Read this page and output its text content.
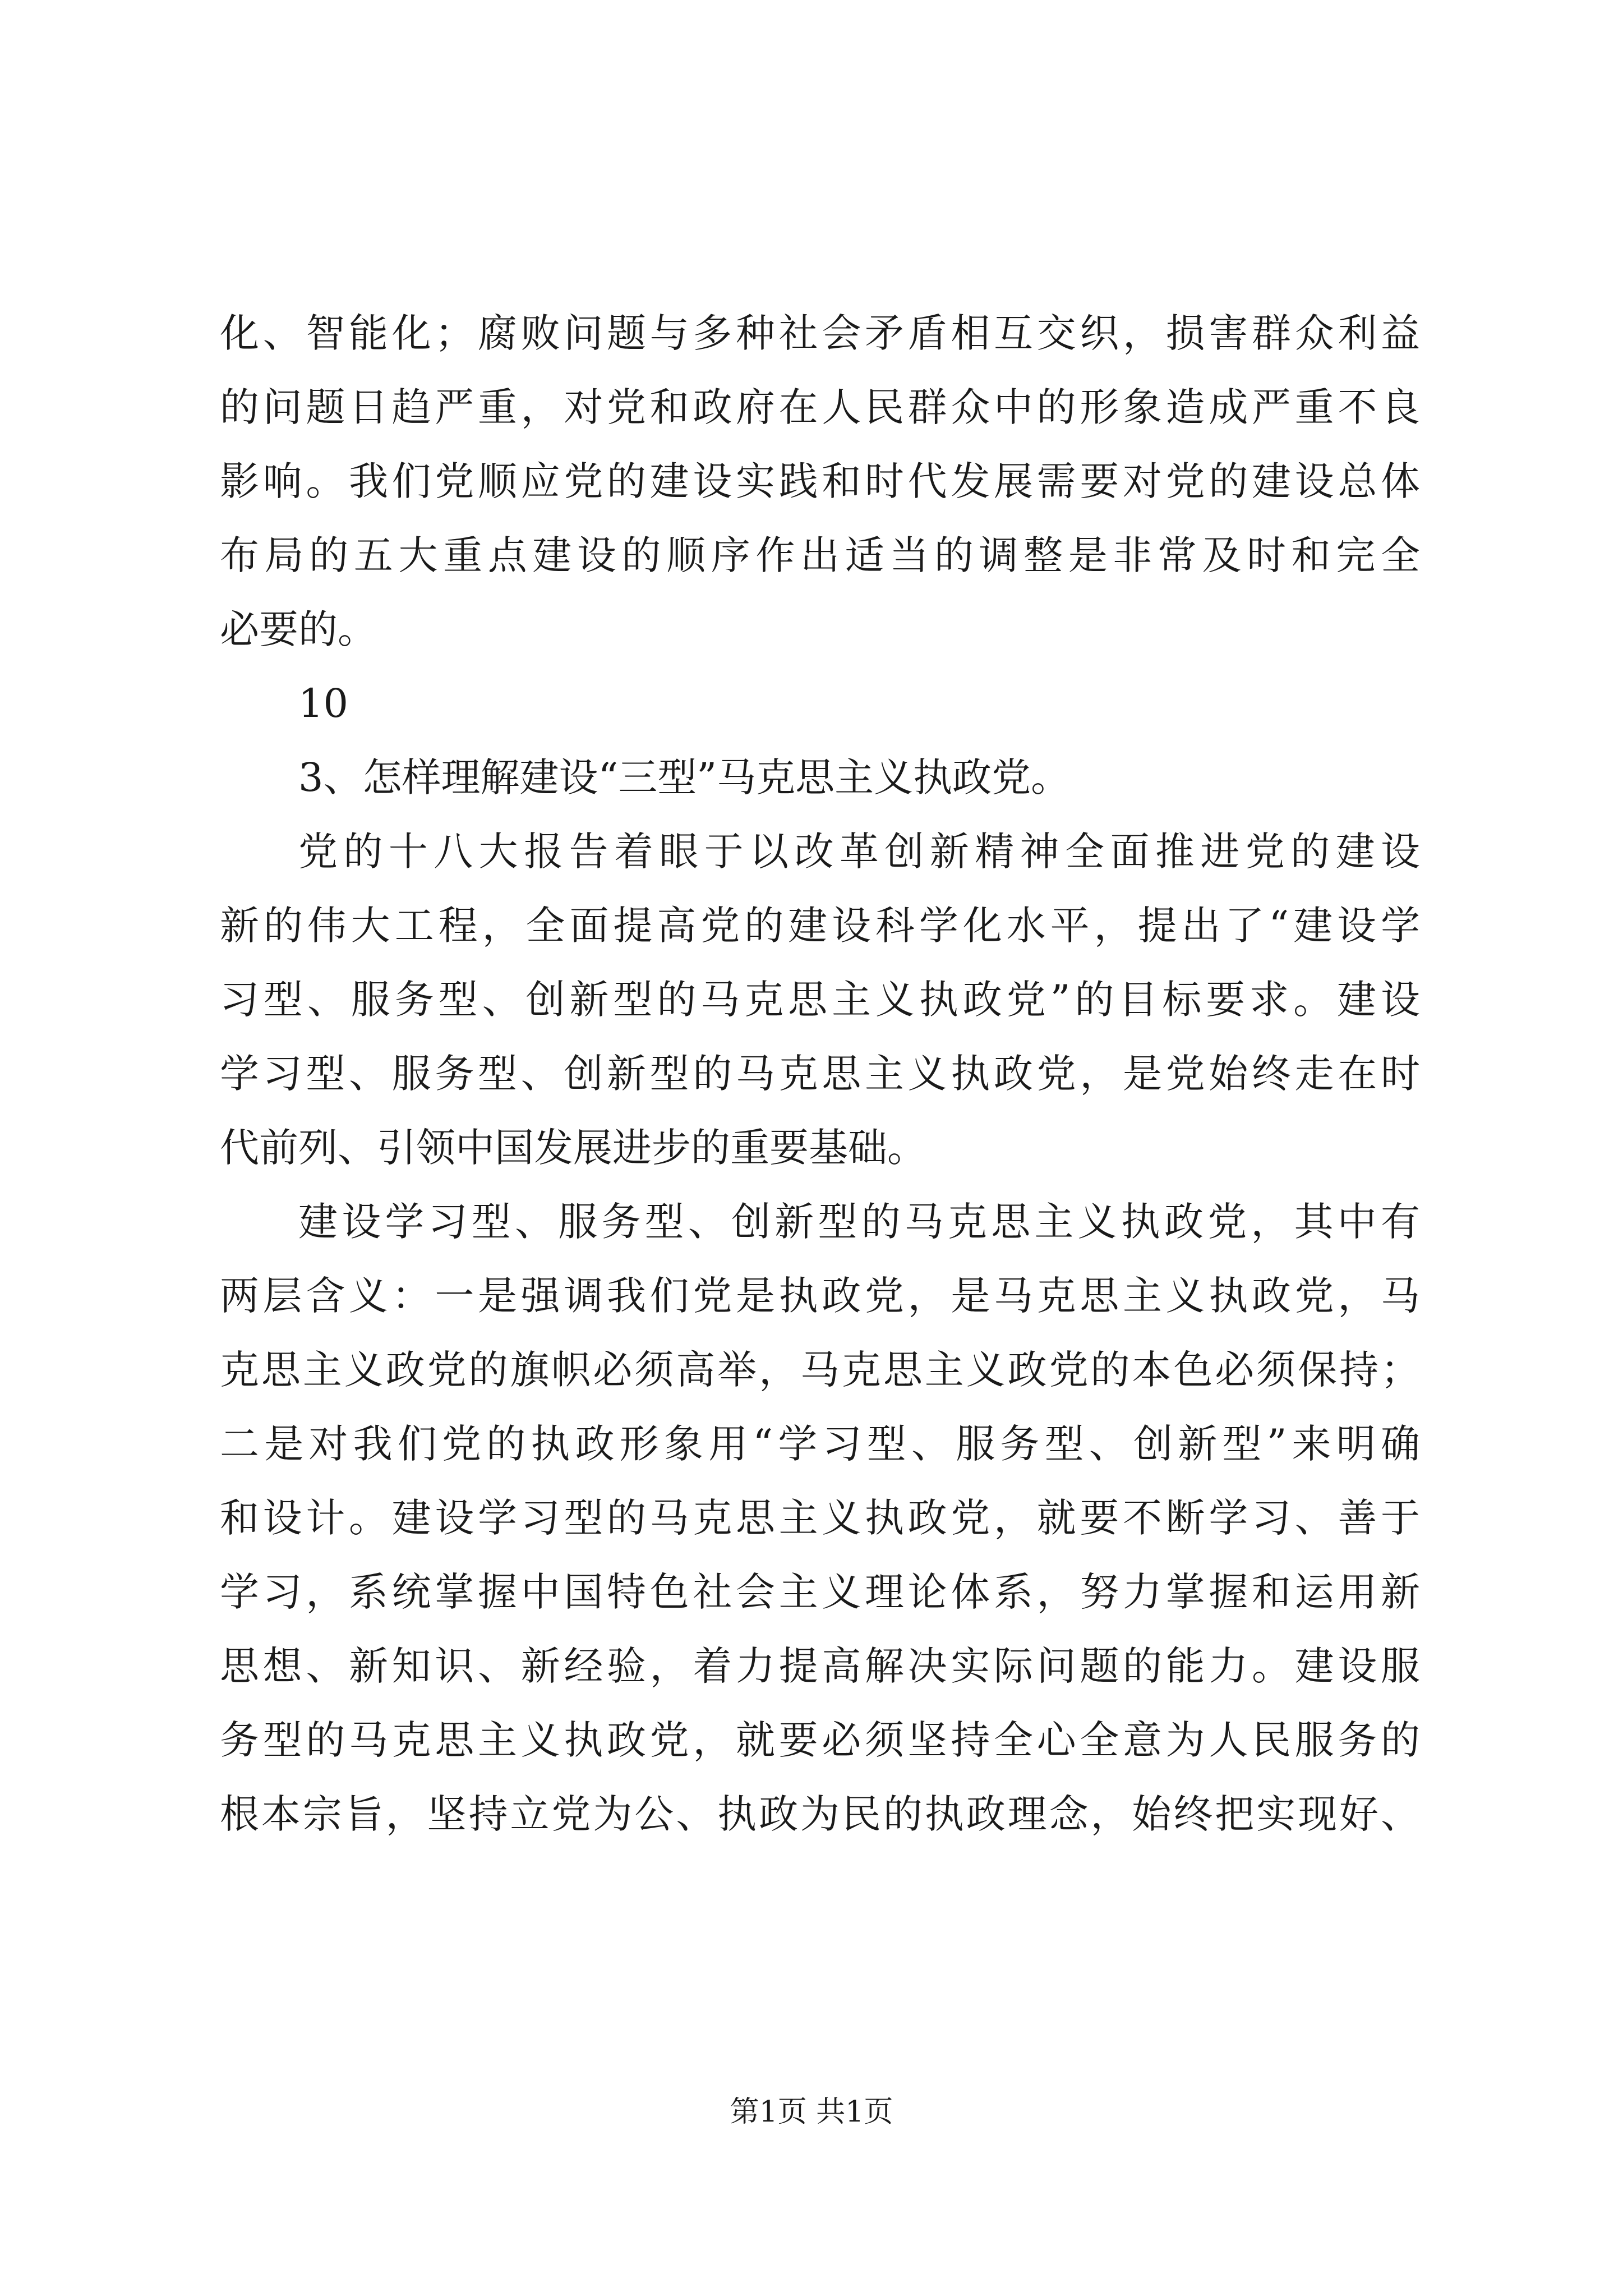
化、智能化；腐败问题与多种社会矛盾相互交织，损害群众利益
的问题日趋严重，对党和政府在人民群众中的形象造成严重不良
影响。我们党顺应党的建设实践和时代发展需要对党的建设总体
布局的五大重点建设的顺序作出适当的调整是非常及时和完全
必要的。
10
3、怎样理解建设“三型”马克思主义执政党。
党的十八大报告着眼于以改革创新精神全面推进党的建设
新的伟大工程，全面提高党的建设科学化水平，提出了“建设学
习型、服务型、创新型的马克思主义执政党”的目标要求。建设
学习型、服务型、创新型的马克思主义执政党，是党始终走在时
代前列、引领中国发展进步的重要基础。
建设学习型、服务型、创新型的马克思主义执政党，其中有
两层含义：一是强调我们党是执政党，是马克思主义执政党，马
克思主义政党的旗帜必须高举，马克思主义政党的本色必须保持；
二是对我们党的执政形象用“学习型、服务型、创新型”来明确
和设计。建设学习型的马克思主义执政党，就要不断学习、善于
学习，系统掌握中国特色社会主义理论体系，努力掌握和运用新
思想、新知识、新经验，着力提高解决实际问题的能力。建设服
务型的马克思主义执政党，就要必须坚持全心全意为人民服务的
根本宗旨，坚持立党为公、执政为民的执政理念，始终把实现好、
第1页 共1页
